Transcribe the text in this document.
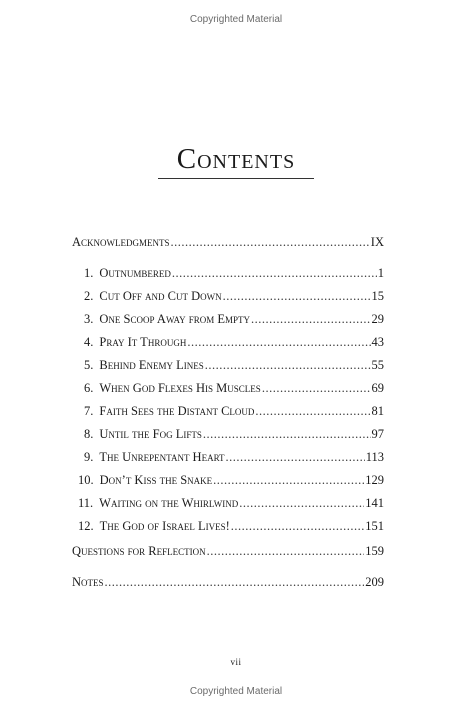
Copyrighted Material
Contents
Acknowledgments .....	IX
1. Outnumbered .....	1
2. Cut Off and Cut Down .....	15
3. One Scoop Away from Empty .....	29
4. Pray It Through .....	43
5. Behind Enemy Lines .....	55
6. When God Flexes His Muscles .....	69
7. Faith Sees the Distant Cloud .....	81
8. Until the Fog Lifts .....	97
9. The Unrepentant Heart .....	113
10. Don’t Kiss the Snake .....	129
11. Waiting on the Whirlwind .....	141
12. The God of Israel Lives! .....	151
Questions for Reflection .....	159
Notes .....	209
vii
Copyrighted Material
